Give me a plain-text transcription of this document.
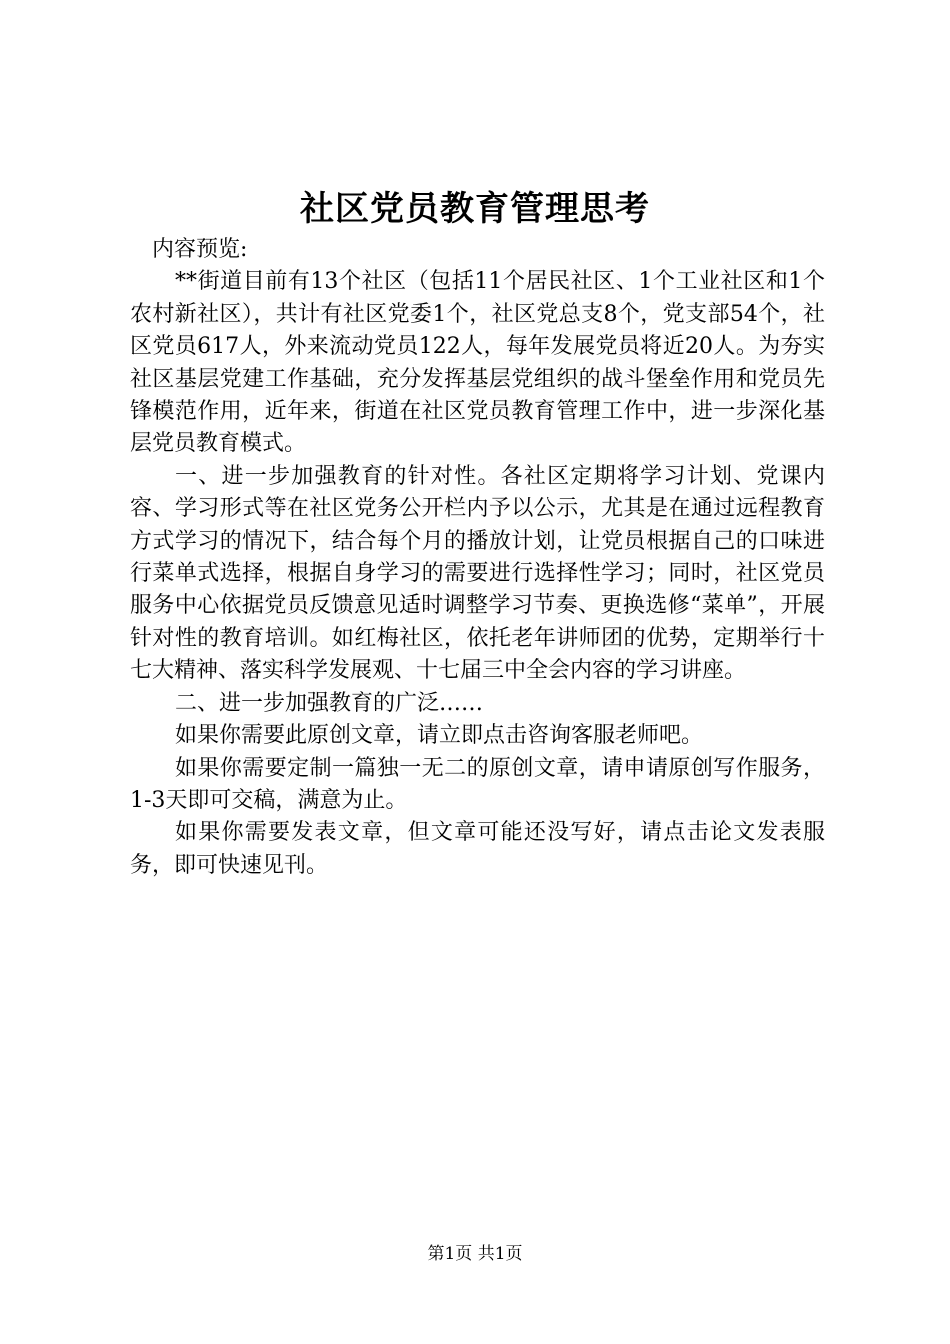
社区党员教育管理思考

内容预览:

**街道目前有13个社区（包括11个居民社区、1个工业社区和1个农村新社区），共计有社区党委1个，社区党总支8个，党支部54个，社区党员617人，外来流动党员122人，每年发展党员将近20人。为夯实社区基层党建工作基础，充分发挥基层党组织的战斗堡垒作用和党员先锋模范作用，近年来，街道在社区党员教育管理工作中，进一步深化基层党员教育模式。

一、进一步加强教育的针对性。各社区定期将学习计划、党课内容、学习形式等在社区党务公开栏内予以公示，尤其是在通过远程教育方式学习的情况下，结合每个月的播放计划，让党员根据自己的口味进行菜单式选择，根据自身学习的需要进行选择性学习；同时，社区党员服务中心依据党员反馈意见适时调整学习节奏、更换选修“菜单”，开展针对性的教育培训。如红梅社区，依托老年讲师团的优势，定期举行十七大精神、落实科学发展观、十七届三中全会内容的学习讲座。

二、进一步加强教育的广泛……

如果你需要此原创文章，请立即点击咨询客服老师吧。

如果你需要定制一篇独一无二的原创文章，请申请原创写作服务，1-3天即可交稿，满意为止。

如果你需要发表文章，但文章可能还没写好，请点击论文发表服务，即可快速见刊。

第1页 共1页
